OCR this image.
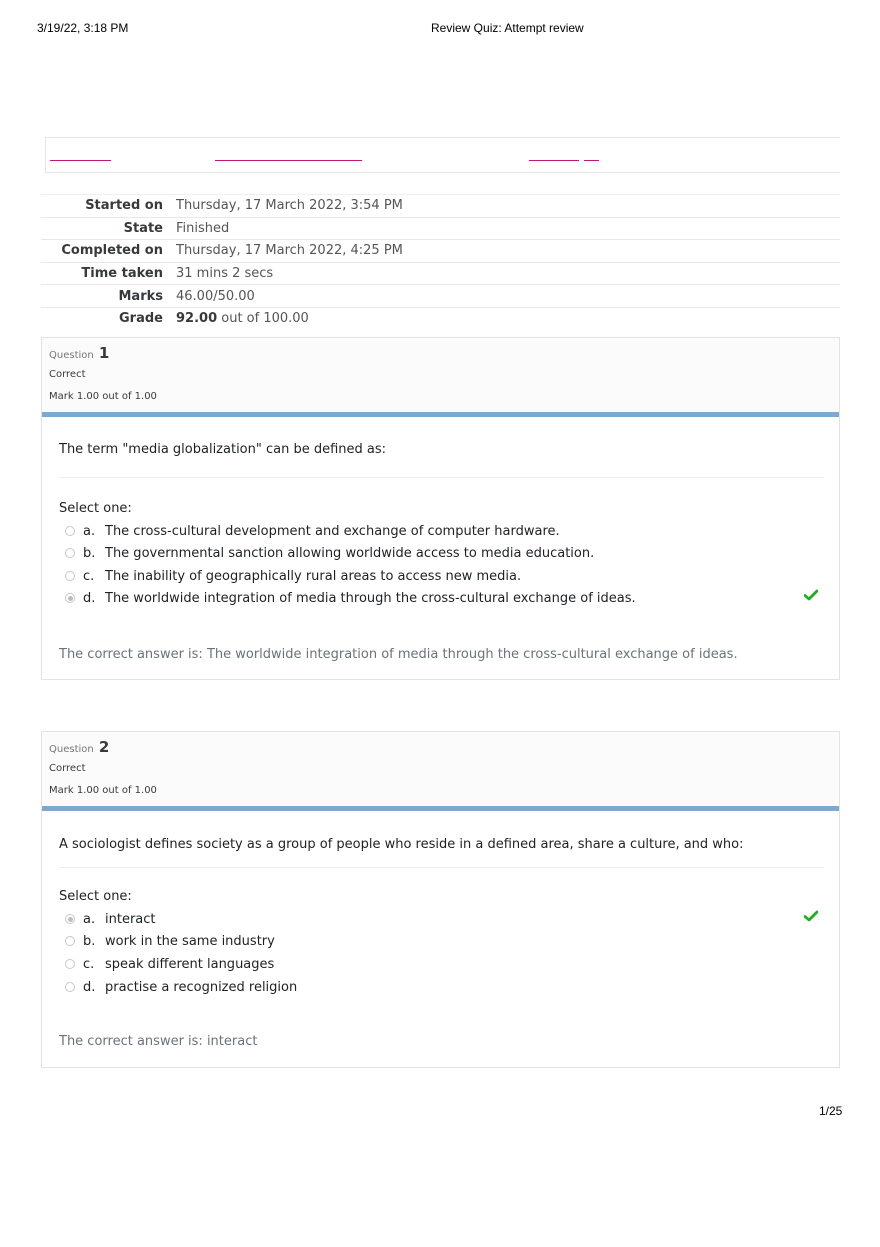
3/19/22, 3:18 PM	Review Quiz: Attempt review
Started on	Thursday, 17 March 2022, 3:54 PM
State	Finished
Completed on	Thursday, 17 March 2022, 4:25 PM
Time taken	31 mins 2 secs
Marks	46.00/50.00
Grade	92.00 out of 100.00
Question 1
Correct
Mark 1.00 out of 1.00
The term "media globalization" can be defined as:
Select one:
a. The cross-cultural development and exchange of computer hardware.
b. The governmental sanction allowing worldwide access to media education.
c. The inability of geographically rural areas to access new media.
d. The worldwide integration of media through the cross-cultural exchange of ideas.
The correct answer is: The worldwide integration of media through the cross-cultural exchange of ideas.
Question 2
Correct
Mark 1.00 out of 1.00
A sociologist defines society as a group of people who reside in a defined area, share a culture, and who:
Select one:
a. interact
b. work in the same industry
c. speak different languages
d. practise a recognized religion
The correct answer is: interact
1/25
